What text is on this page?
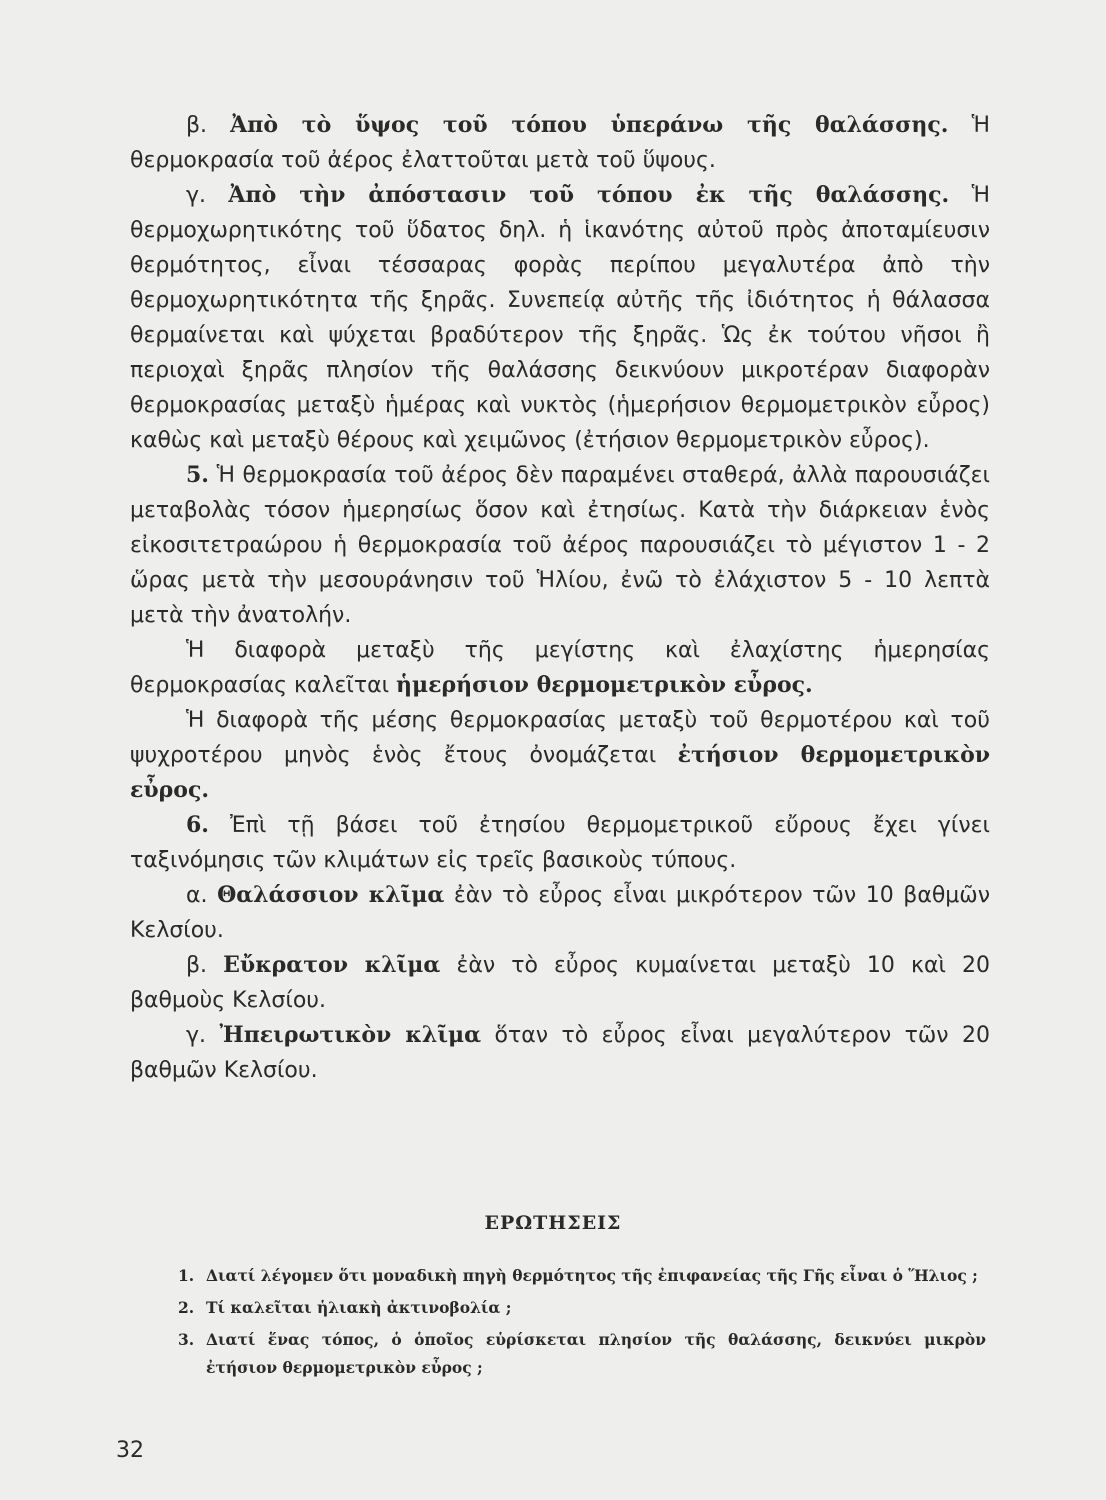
β. Ἀπὸ τὸ ὕψος τοῦ τόπου ὑπεράνω τῆς θαλάσσης. Ἡ θερμοκρασία τοῦ ἀέρος ἐλαττοῦται μετὰ τοῦ ὕψους.

γ. Ἀπὸ τὴν ἀπόστασιν τοῦ τόπου ἐκ τῆς θαλάσσης. Ἡ θερμοχωρητικότης τοῦ ὕδατος δηλ. ἡ ἱκανότης αὐτοῦ πρὸς ἀποταμίευσιν θερμότητος, εἶναι τέσσαρας φορὰς περίπου μεγαλυτέρα ἀπὸ τὴν θερμοχωρητικότητα τῆς ξηρᾶς. Συνεπείᾳ αὐτῆς τῆς ἰδιότητος ἡ θάλασσα θερμαίνεται καὶ ψύχεται βραδύτερον τῆς ξηρᾶς. Ὡς ἐκ τούτου νῆσοι ἢ περιοχαὶ ξηρᾶς πλησίον τῆς θαλάσσης δεικνύουν μικροτέραν διαφορὰν θερμοκρασίας μεταξὺ ἡμέρας καὶ νυκτὸς (ἡμερήσιον θερμομετρικὸν εὖρος) καθὼς καὶ μεταξὺ θέρους καὶ χειμῶνος (ἐτήσιον θερμομετρικὸν εὖρος).

5. Ἡ θερμοκρασία τοῦ ἀέρος δὲν παραμένει σταθερά, ἀλλὰ παρουσιάζει μεταβολὰς τόσον ἡμερησίως ὅσον καὶ ἐτησίως. Κατὰ τὴν διάρκειαν ἑνὸς εἰκοσιτετραώρου ἡ θερμοκρασία τοῦ ἀέρος παρουσιάζει τὸ μέγιστον 1 - 2 ὥρας μετὰ τὴν μεσουράνησιν τοῦ Ἡλίου, ἐνῶ τὸ ἐλάχιστον 5 - 10 λεπτὰ μετὰ τὴν ἀνατολήν.

Ἡ διαφορὰ μεταξὺ τῆς μεγίστης καὶ ἐλαχίστης ἡμερησίας θερμοκρασίας καλεῖται ἡμερήσιον θερμομετρικὸν εὖρος.

Ἡ διαφορὰ τῆς μέσης θερμοκρασίας μεταξὺ τοῦ θερμοτέρου καὶ τοῦ ψυχροτέρου μηνὸς ἑνὸς ἔτους ὀνομάζεται ἐτήσιον θερμομετρικὸν εὖρος.

6. Ἐπὶ τῇ βάσει τοῦ ἐτησίου θερμομετρικοῦ εὔρους ἔχει γίνει ταξινόμησις τῶν κλιμάτων εἰς τρεῖς βασικοὺς τύπους.

α. Θαλάσσιον κλῖμα ἐὰν τὸ εὖρος εἶναι μικρότερον τῶν 10 βαθμῶν Κελσίου.

β. Εὔκρατον κλῖμα ἐὰν τὸ εὖρος κυμαίνεται μεταξὺ 10 καὶ 20 βαθμοὺς Κελσίου.

γ. Ἠπειρωτικὸν κλῖμα ὅταν τὸ εὖρος εἶναι μεγαλύτερον τῶν 20 βαθμῶν Κελσίου.

ΕΡΩΤΗΣΕΙΣ
1. Διατί λέγομεν ὅτι μοναδικὴ πηγὴ θερμότητος τῆς ἐπιφανείας τῆς Γῆς εἶναι ὁ Ἥλιος ;
2. Τί καλεῖται ἡλιακὴ ἀκτινοβολία ;
3. Διατί ἕνας τόπος, ὁ ὁποῖος εὑρίσκεται πλησίον τῆς θαλάσσης, δεικνύει μικρὸν ἐτήσιον θερμομετρικὸν εὖρος ;
32
